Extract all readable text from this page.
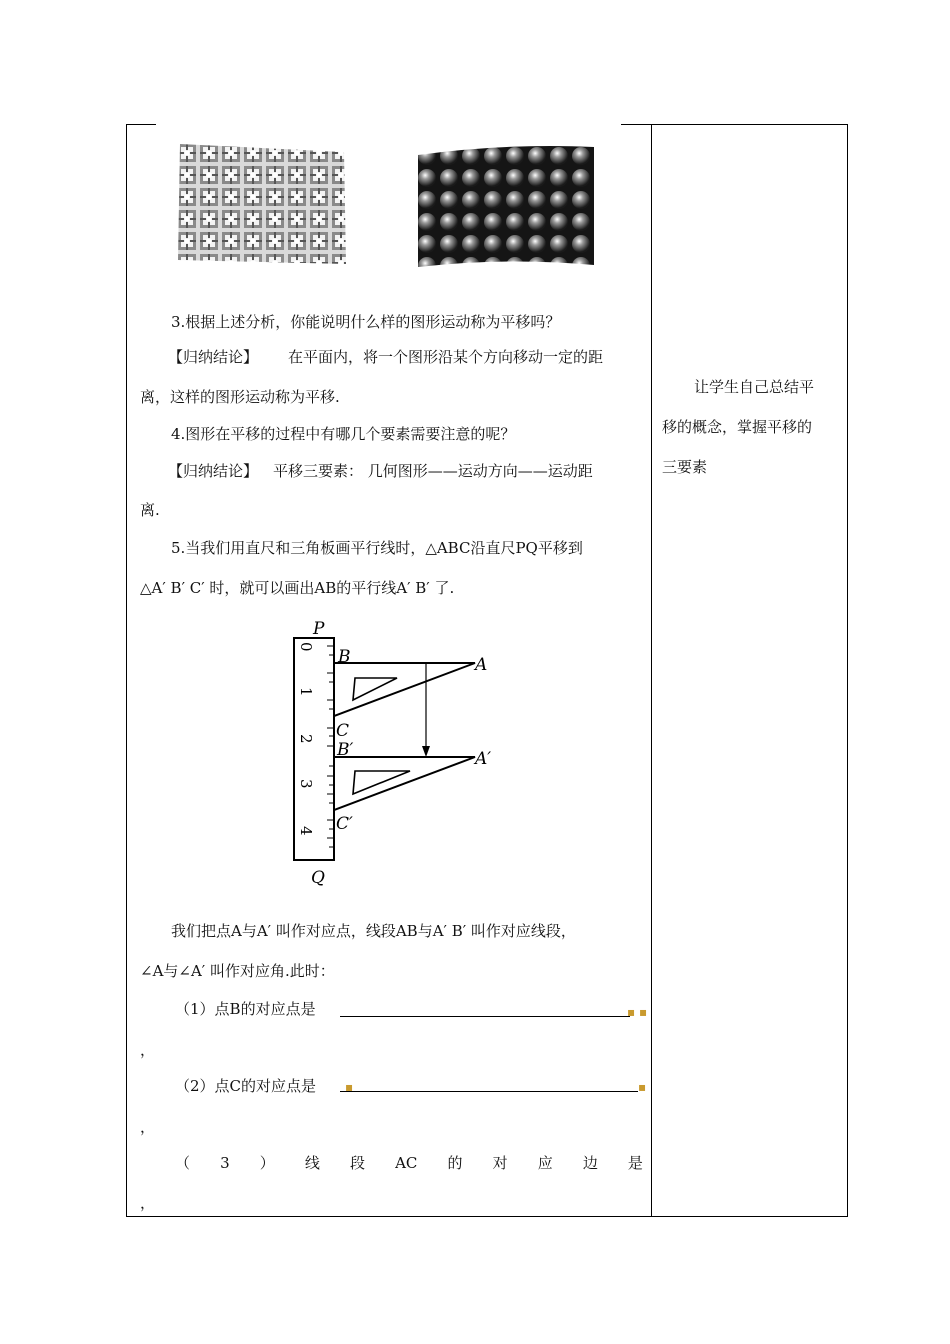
3.根据上述分析，你能说明什么样的图形运动称为平移吗？
【归纳结论】 在平面内，将一个图形沿某个方向移动一定的距
离，这样的图形运动称为平移.
4.图形在平移的过程中有哪几个要素需要注意的呢？
【归纳结论】 平移三要素： 几何图形——运动方向——运动距
离.
5.当我们用直尺和三角板画平行线时，△ABC沿直尺PQ平移到
△A′ B′ C′ 时，就可以画出AB的平行线A′ B′ 了.
P
Q
B	A
C
B′	A′
C′
0
1
2
3
4
我们把点A与A′ 叫作对应点，线段AB与A′ B′ 叫作对应线段，
∠A与∠A′ 叫作对应角.此时：
（1）点B的对应点是	▪ ▪
，
（2）点C的对应点是 ▪	▪
，
（ 3 ） 线 段 AC 的 对 应 边 是
，
让学生自己总结平
移的概念，掌握平移的
三要素
